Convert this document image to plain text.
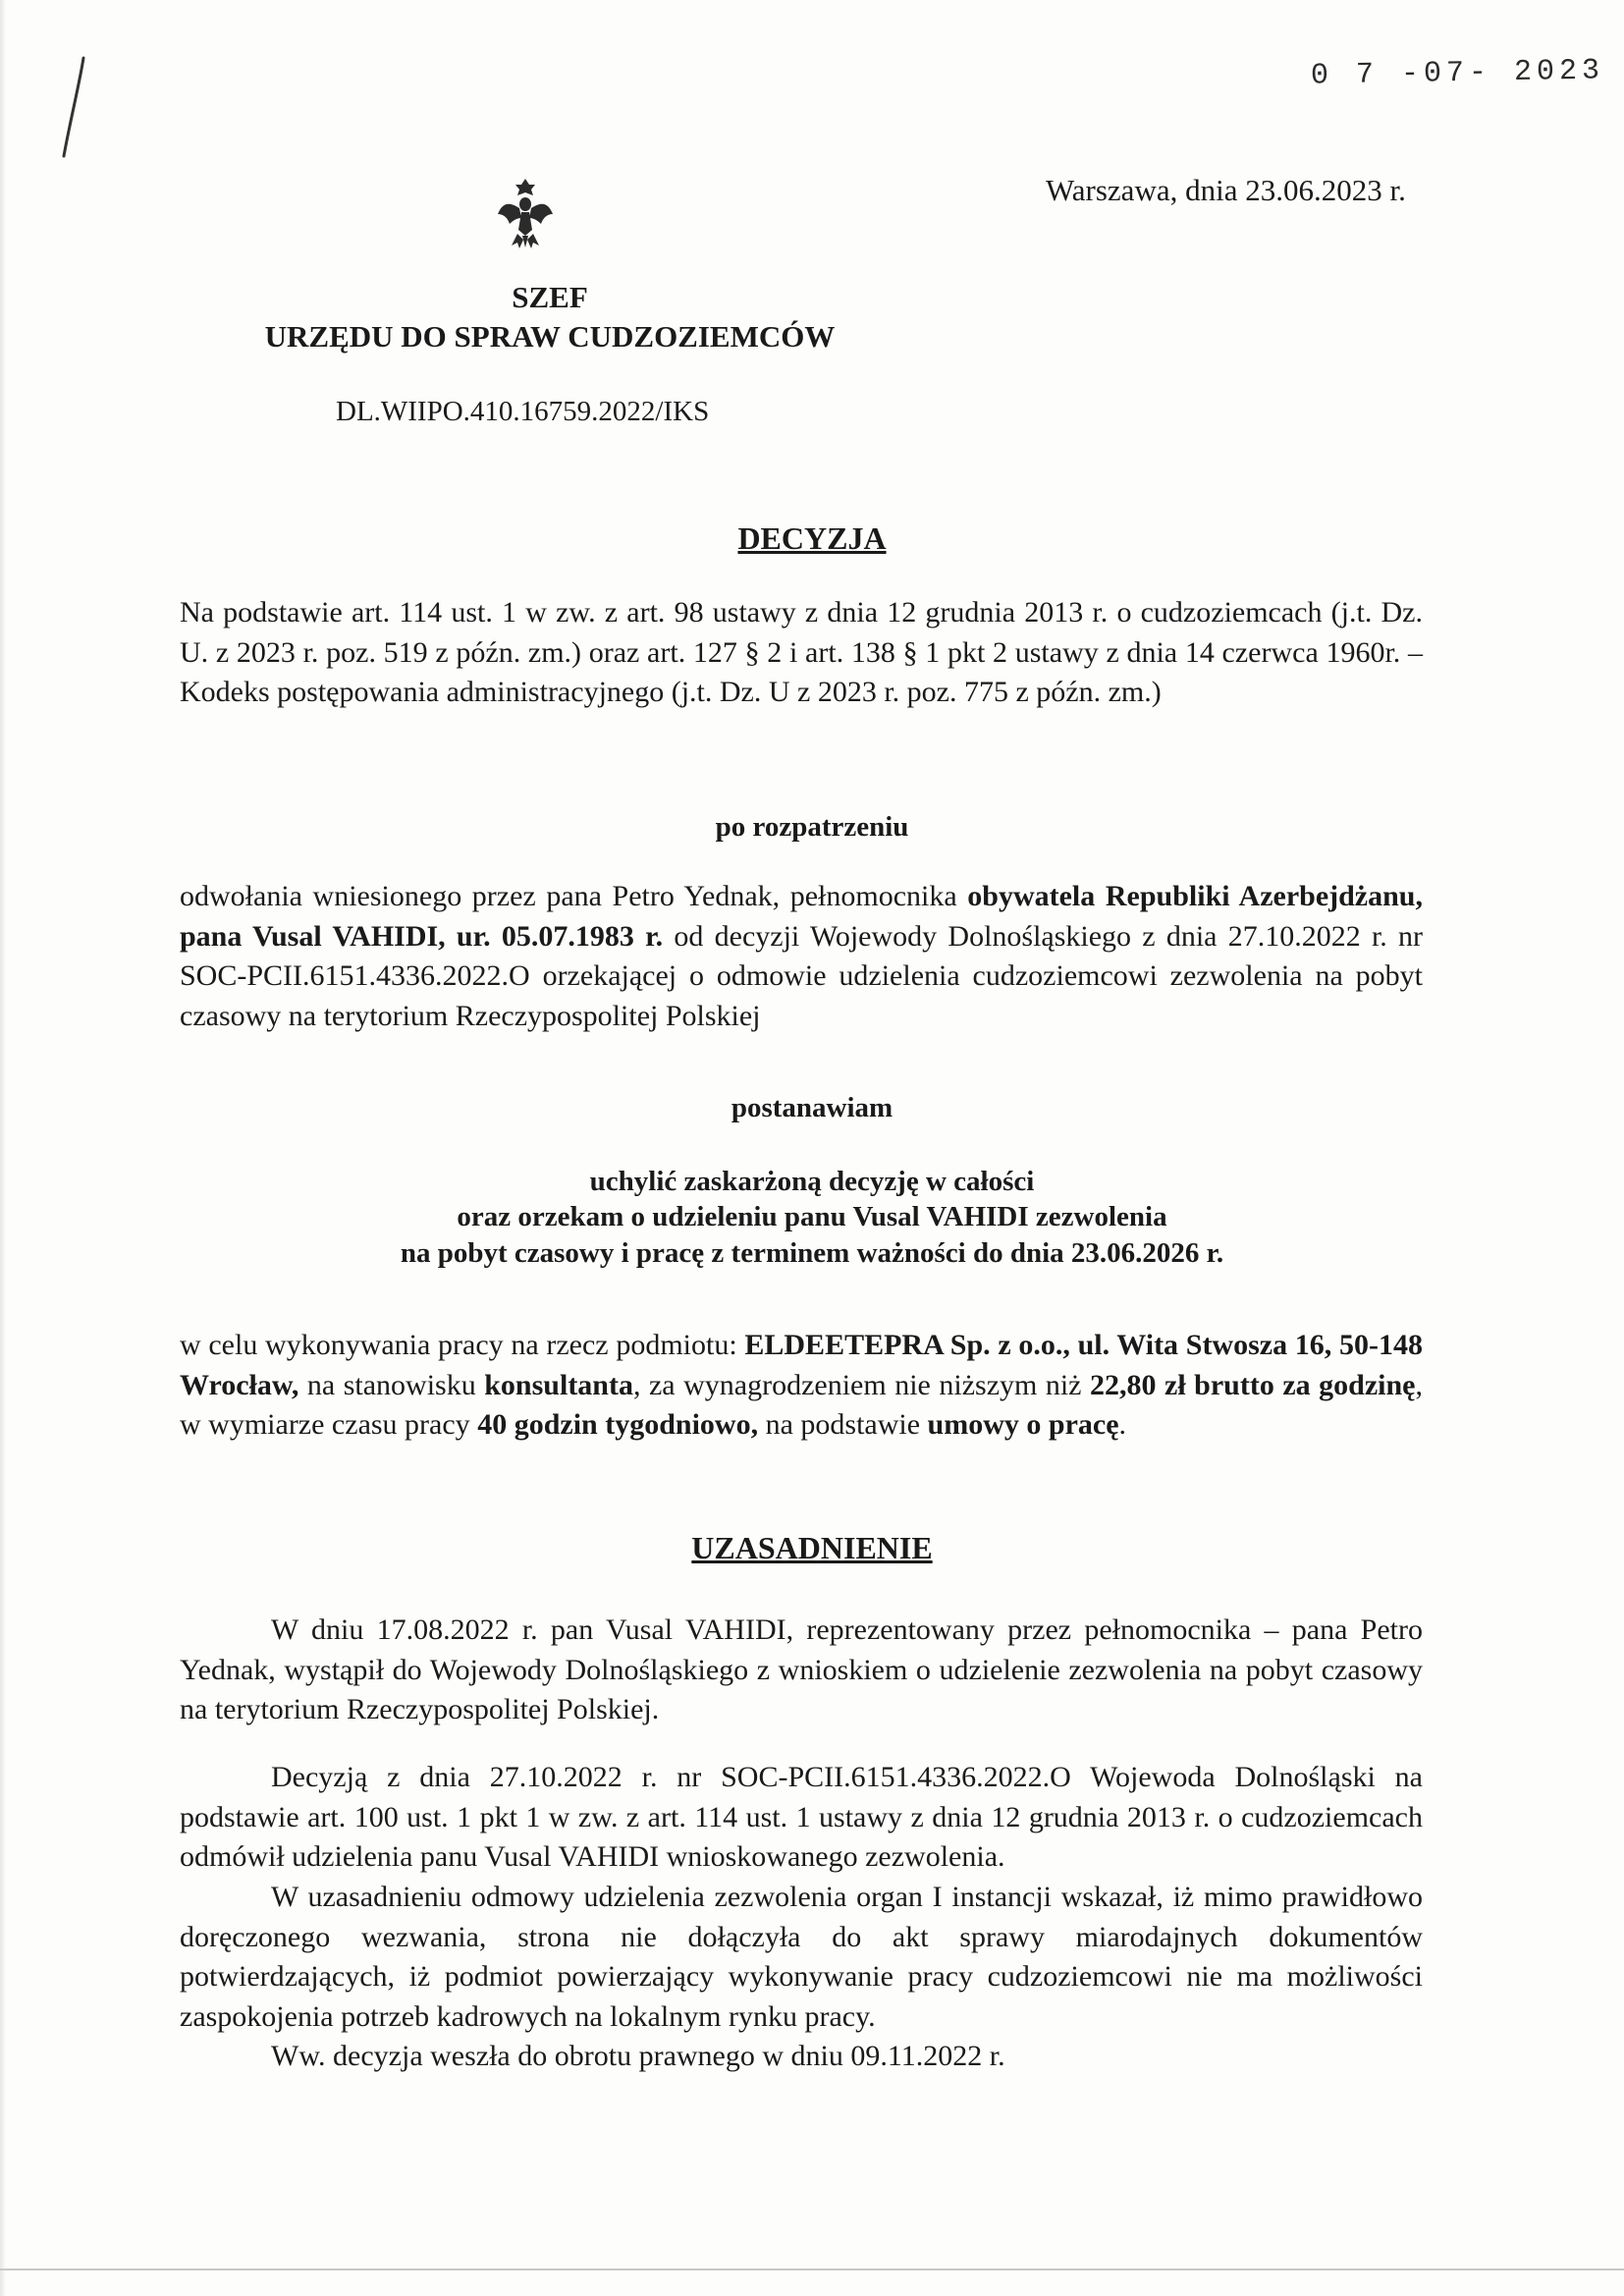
0 7 -07- 2023
Warszawa, dnia 23.06.2023 r.
SZEF
URZĘDU DO SPRAW CUDZOZIEMCÓW
DL.WIIPO.410.16759.2022/IKS
DECYZJA
Na podstawie art. 114 ust. 1 w zw. z art. 98 ustawy z dnia 12 grudnia 2013 r. o cudzoziemcach (j.t. Dz. U. z 2023 r. poz. 519 z późn. zm.) oraz art. 127 § 2 i art. 138 § 1 pkt 2 ustawy z dnia 14 czerwca 1960r. – Kodeks postępowania administracyjnego (j.t. Dz. U z 2023 r. poz. 775 z późn. zm.)
po rozpatrzeniu
odwołania wniesionego przez pana Petro Yednak, pełnomocnika obywatela Republiki Azerbejdżanu, pana Vusal VAHIDI, ur. 05.07.1983 r. od decyzji Wojewody Dolnośląskiego z dnia 27.10.2022 r. nr SOC-PCII.6151.4336.2022.O orzekającej o odmowie udzielenia cudzoziemcowi zezwolenia na pobyt czasowy na terytorium Rzeczypospolitej Polskiej
postanawiam
uchylić zaskarżoną decyzję w całości
oraz orzekam o udzieleniu panu Vusal VAHIDI zezwolenia
na pobyt czasowy i pracę z terminem ważności do dnia 23.06.2026 r.
w celu wykonywania pracy na rzecz podmiotu: ELDEETEPRA Sp. z o.o., ul. Wita Stwosza 16, 50-148 Wrocław, na stanowisku konsultanta, za wynagrodzeniem nie niższym niż 22,80 zł brutto za godzinę, w wymiarze czasu pracy 40 godzin tygodniowo, na podstawie umowy o pracę.
UZASADNIENIE
W dniu 17.08.2022 r. pan Vusal VAHIDI, reprezentowany przez pełnomocnika – pana Petro Yednak, wystąpił do Wojewody Dolnośląskiego z wnioskiem o udzielenie zezwolenia na pobyt czasowy na terytorium Rzeczypospolitej Polskiej.
Decyzją z dnia 27.10.2022 r. nr SOC-PCII.6151.4336.2022.O Wojewoda Dolnośląski na podstawie art. 100 ust. 1 pkt 1 w zw. z art. 114 ust. 1 ustawy z dnia 12 grudnia 2013 r. o cudzoziemcach odmówił udzielenia panu Vusal VAHIDI wnioskowanego zezwolenia.
W uzasadnieniu odmowy udzielenia zezwolenia organ I instancji wskazał, iż mimo prawidłowo doręczonego wezwania, strona nie dołączyła do akt sprawy miarodajnych dokumentów potwierdzających, iż podmiot powierzający wykonywanie pracy cudzoziemcowi nie ma możliwości zaspokojenia potrzeb kadrowych na lokalnym rynku pracy.
Ww. decyzja weszła do obrotu prawnego w dniu 09.11.2022 r.
